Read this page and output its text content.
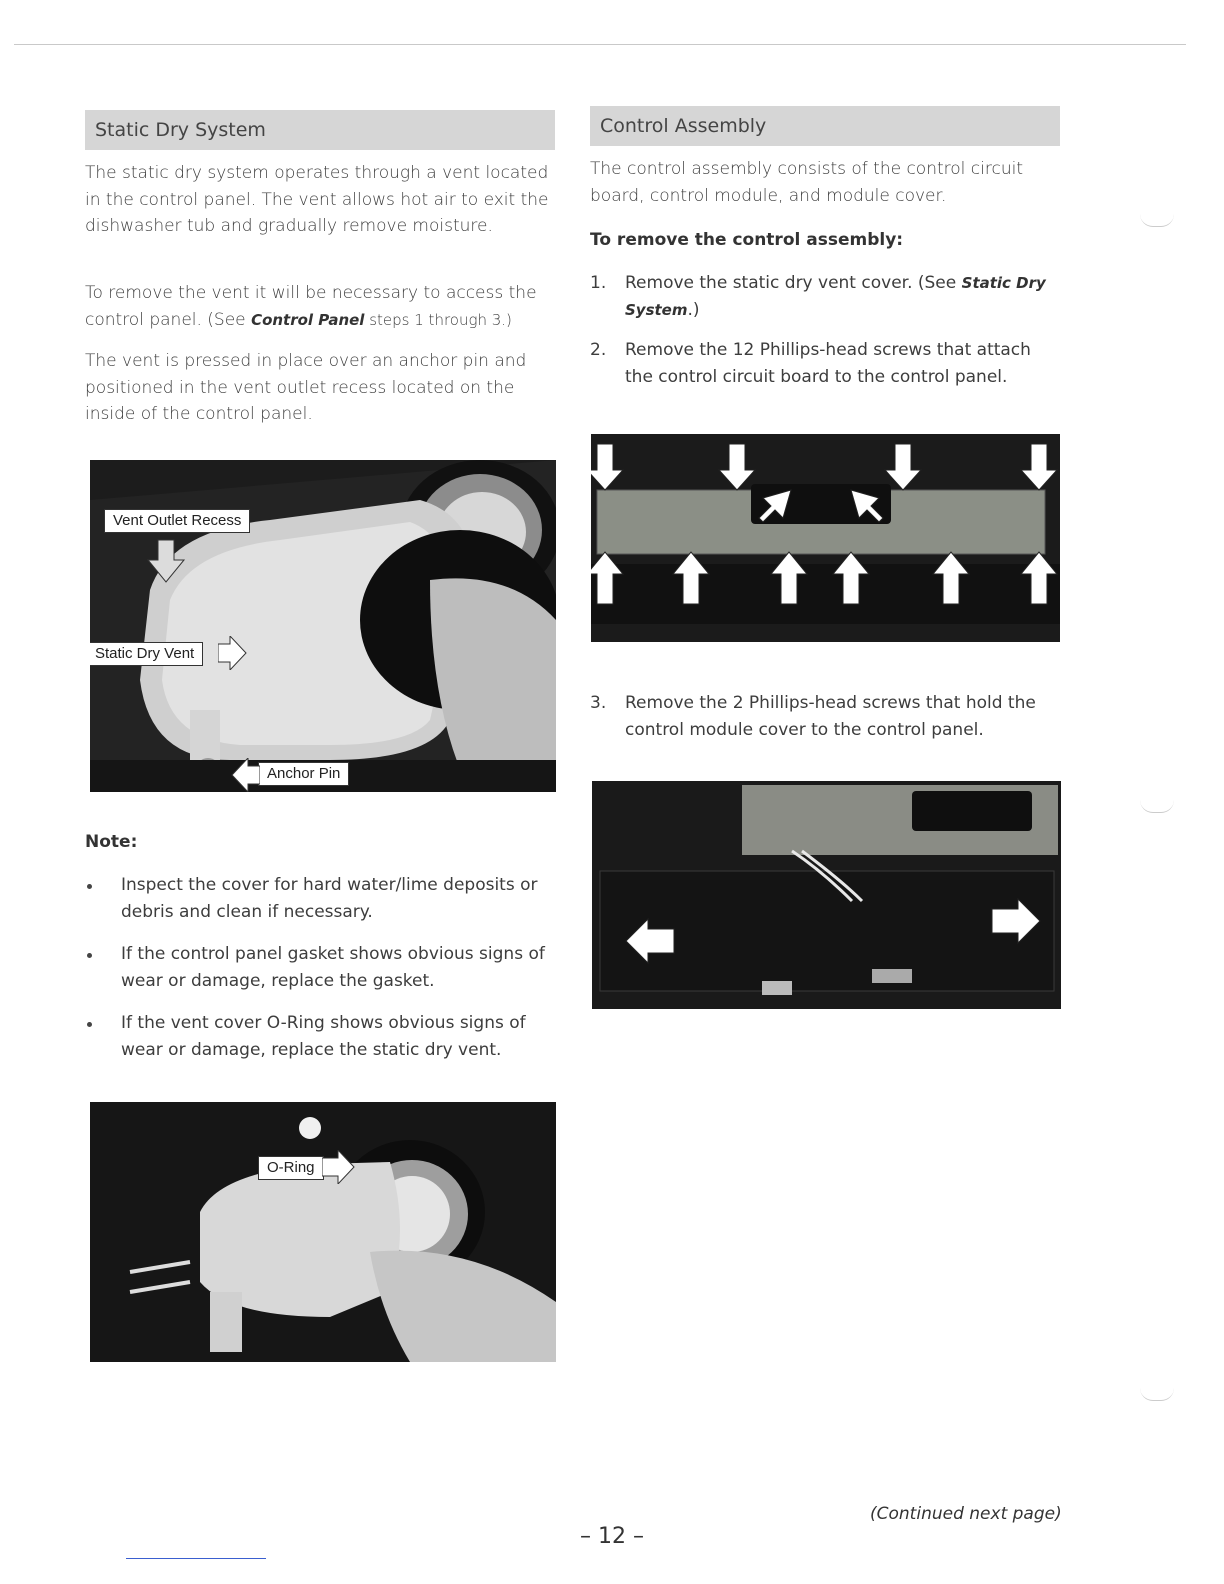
Static Dry System

The static dry system operates through a vent located in the control panel. The vent allows hot air to exit the dishwasher tub and gradually remove moisture.

To remove the vent it will be necessary to access the control panel. (See Control Panel steps 1 through 3.)

The vent is pressed in place over an anchor pin and positioned in the vent outlet recess located on the inside of the control panel.

Vent Outlet Recess
Static Dry Vent
Anchor Pin
Note:
Inspect the cover for hard water/lime deposits or debris and clean if necessary.
If the control panel gasket shows obvious signs of wear or damage, replace the gasket.
If the vent cover O-Ring shows obvious signs of wear or damage, replace the static dry vent.
O-Ring
Control Assembly

The control assembly consists of the control circuit board, control module, and module cover.

To remove the control assembly:
1. Remove the static dry vent cover. (See Static Dry System.)
2. Remove the 12 Phillips-head screws that attach the control circuit board to the control panel.
3. Remove the 2 Phillips-head screws that hold the control module cover to the control panel.
(Continued next page)
– 12 –
